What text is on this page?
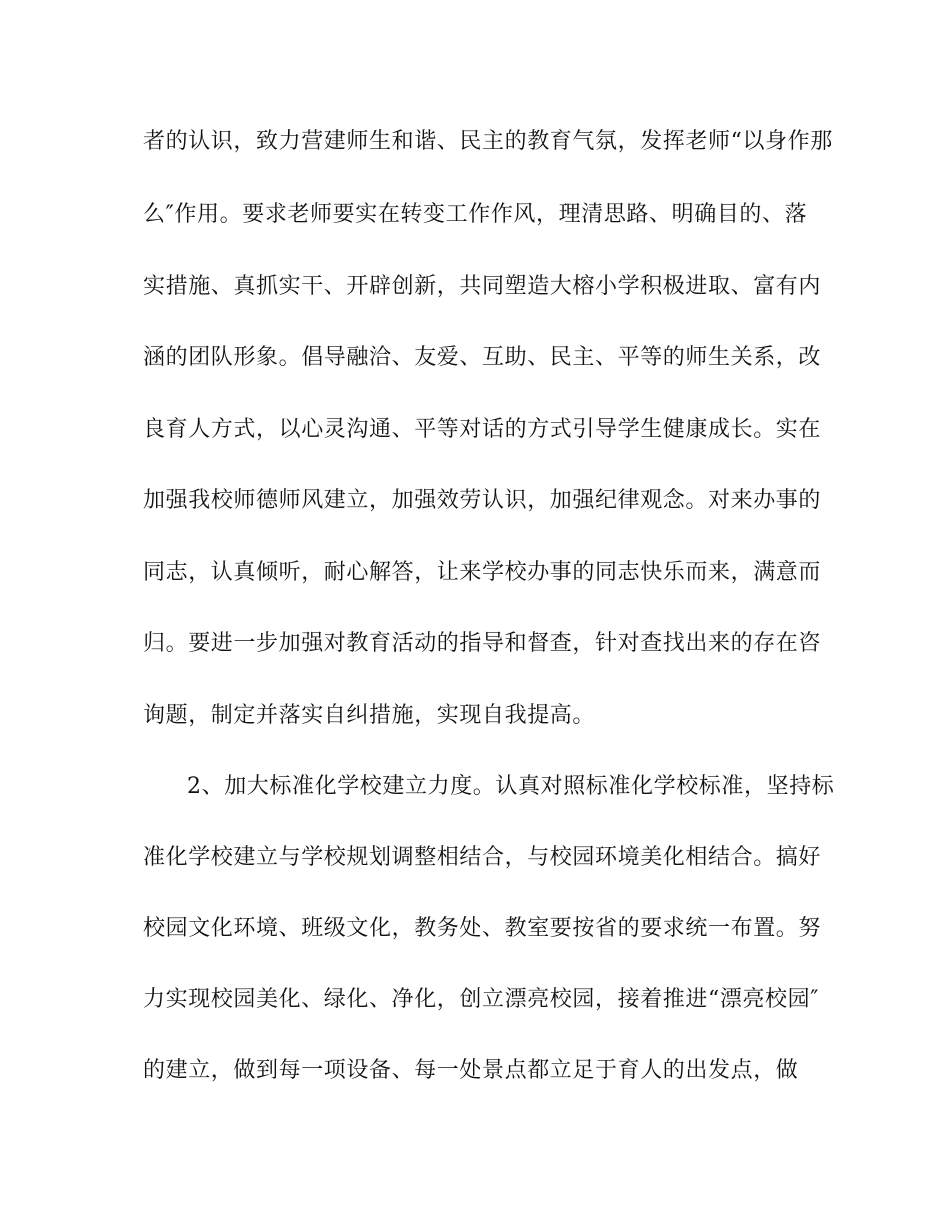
者的认识，致力营建师生和谐、民主的教育气氛，发挥老师“以身作那
么″作用。要求老师要实在转变工作作风，理清思路、明确目的、落
实措施、真抓实干、开辟创新，共同塑造大榕小学积极进取、富有内
涵的团队形象。倡导融洽、友爱、互助、民主、平等的师生关系，改
良育人方式，以心灵沟通、平等对话的方式引导学生健康成长。实在
加强我校师德师风建立，加强效劳认识，加强纪律观念。对来办事的
同志，认真倾听，耐心解答，让来学校办事的同志快乐而来，满意而
归。要进一步加强对教育活动的指导和督查，针对查找出来的存在咨
询题，制定并落实自纠措施，实现自我提高。
2、加大标准化学校建立力度。认真对照标准化学校标准，坚持标
准化学校建立与学校规划调整相结合，与校园环境美化相结合。搞好
校园文化环境、班级文化，教务处、教室要按省的要求统一布置。努
力实现校园美化、绿化、净化，创立漂亮校园，接着推进“漂亮校园″
的建立，做到每一项设备、每一处景点都立足于育人的出发点，做
